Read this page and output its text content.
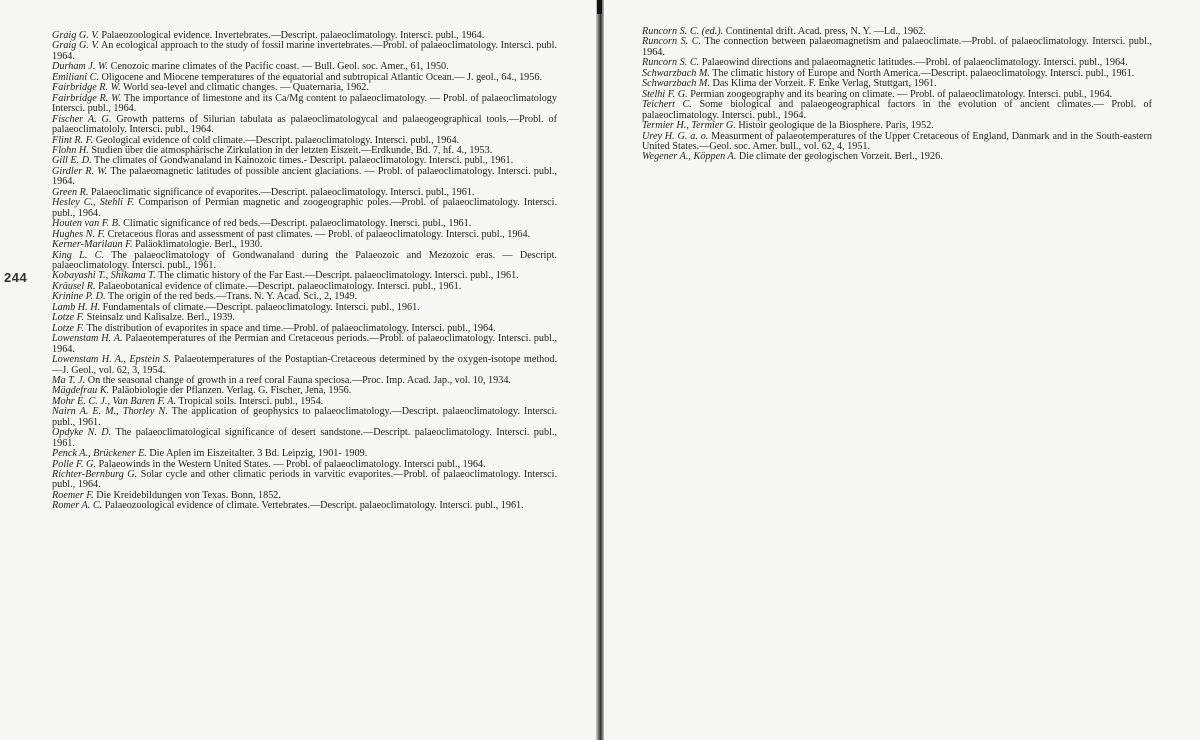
244

Graig G. V. Palaeozoological evidence. Invertebrates.—Descript. palaeoclimatology. Intersci. publ., 1964.

Graig G. V. An ecological approach to the study of fossil marine invertebrates.—Probl. of palaeoclimatology. Intersci. publ. 1964.

Durham J. W. Cenozoic marine climates of the Pacific coast. — Bull. Geol. soc. Amer., 61, 1950.

Emiliani C. Oligocene and Miocene temperatures of the equatorial and subtropical Atlantic Ocean.— J. geol., 64., 1956.

Fairbridge R. W. World sea-level and climatic changes. — Quaternaria, 1962.

Fairbridge R. W. The importance of limestone and its Ca/Mg content to palaeoclimatology. — Probl. of palaeoclimatology Intersci. publ., 1964.

Fischer A. G. Growth patterns of Silurian tabulata as palaeoclimatologycal and palaeogeographical tools.—Probl. of palaeoclimatololy. Intersci. publ., 1964.

Flint R. F. Geological evidence of cold climate.—Descript. palaeoclimatology. Intersci. publ., 1964.

Flohn H. Studien über die atmosphärische Zirkulation in der letzten Eiszeit.—Erdkunde, Bd. 7, hf. 4., 1953.

Gill E. D. The climates of Gondwanaland in Kainozoic times.- Descript. palaeoclimatology. Intersci. publ., 1961.

Girdler R. W. The palaeomagnetic latitudes of possible ancient glaciations. — Probl. of palaeoclimatology. Intersci. publ., 1964.

Green R. Palaeoclimatic significance of evaporites.—Descript. palaeoclimatology. Intersci. publ., 1961.

Hesley C., Stehli F. Comparison of Permian magnetic and zoogeographic poles.—Probl. of palaeoclimatology. Intersci. publ., 1964.

Houten van F. B. Climatic significance of red beds.—Descript. palaeoclimatology. Inersci. publ., 1961.

Hughes N. F. Cretaceous floras and assessment of past climates. — Probl. of palaeoclimatology. Intersci. publ., 1964.

Kerner-Marilaun F. Paläoklimatologie. Berl., 1930.

King L. C. The palaeoclimatology of Gondwanaland during the Palaeozoic and Mezozoic eras. — Descript. palaeoclimatology. Intersci. publ., 1961.

Kobayashi T., Shikama T. The climatic history of the Far East.—Descript. palaeoclimatology. Intersci. publ., 1961.

Kräusel R. Palaeobotanical evidence of climate.—Descript. palaeoclimatology. Intersci. publ., 1961.

Krinine P. D. The origin of the red beds.—Trans. N. Y. Acad. Sci., 2, 1949.

Lamb H. H. Fundamentals of climate.—Descript. palaeoclimatology. Intersci. publ., 1961.

Lotze F. Steinsalz und Kalisalze. Berl., 1939.

Lotze F. The distribution of evaporites in space and time.—Probl. of palaeoclimatology. Intersci. publ., 1964.

Lowenstam H. A. Palaeotemperatures of the Permian and Cretaceous periods.—Probl. of palaeoclimatology. Intersci. publ., 1964.

Lowenstam H. A., Epstein S. Palaeotemperatures of the Postaptian-Cretaceous determined by the oxygen-isotope method.—J. Geol., vol. 62, 3, 1954.

Ma T. J. On the seasonal change of growth in a reef coral Fauna speciosa.—Proc. Imp. Acad. Jap., vol. 10, 1934.

Mägdefrau K. Paläobiologie der Pflanzen. Verlag. G. Fischer, Jena, 1956.

Mohr E. C. J., Van Baren F. A. Tropical soils. Intersci. publ., 1954.

Nairn A. E. M., Thorley N. The application of geophysics to palaeoclimatology.—Descript. palaeoclimatology. Intersci. publ., 1961.

Opdyke N. D. The palaeoclimatological significance of desert sandstone.—Descript. palaeoclimatology. Intersci. publ., 1961.

Penck A., Brückener E. Die Aplen im Eiszeitalter. 3 Bd. Leipzig, 1901- 1909.

Polle F. G. Palaeowinds in the Western United States. — Probl. of palaeoclimatology. Intersci publ., 1964.

Richter-Bernburg G. Solar cycle and other climatic periods in varvitic evaporites.—Probl. of palaeoclimatology. Intersci. publ., 1964.

Roemer F. Die Kreidebildungen von Texas. Bonn, 1852.

Romer A. C. Palaeozoological evidence of climate. Vertebrates.—Descript. palaeoclimatology. Intersci. publ., 1961.

Runcorn S. C. (ed.). Continental drift. Acad. press, N. Y. —Ld., 1962.

Runcorn S. C. The connection between palaeomagnetism and palaeoclimate.—Probl. of palaeoclimatology. Intersci. publ., 1964.

Runcorn S. C. Palaeowind directions and palaeomagnetic latitudes.—Probl. of palaeoclimatology. Intersci. publ., 1964.

Schwarzbach M. The climatic history of Europe and North America.—Descript. palaeoclimatology. Intersci. publ., 1961.

Schwarzbach M. Das Klima der Vorzeit. F. Enke Verlag, Stuttgart, 1961.

Stelhi F. G. Permian zoogeography and its bearing on climate. — Probl. of palaeoclimatology. Intersci. publ., 1964.

Teichert C. Some biological and palaeogeographical factors in the evolution of ancient climates.— Probl. of palaeoclimatology. Intersci. publ., 1964.

Termier H., Termier G. Histoir geologique de la Biosphere. Paris, 1952.

Urey H. G. a. o. Measurment of palaeotemperatures of the Upper Cretaceous of England, Danmark and in the South-eastern United States.—Geol. soc. Amer. bull., vol. 62, 4, 1951.

Wegener A., Köppen A. Die climate der geologischen Vorzeit. Berl., 1926.
